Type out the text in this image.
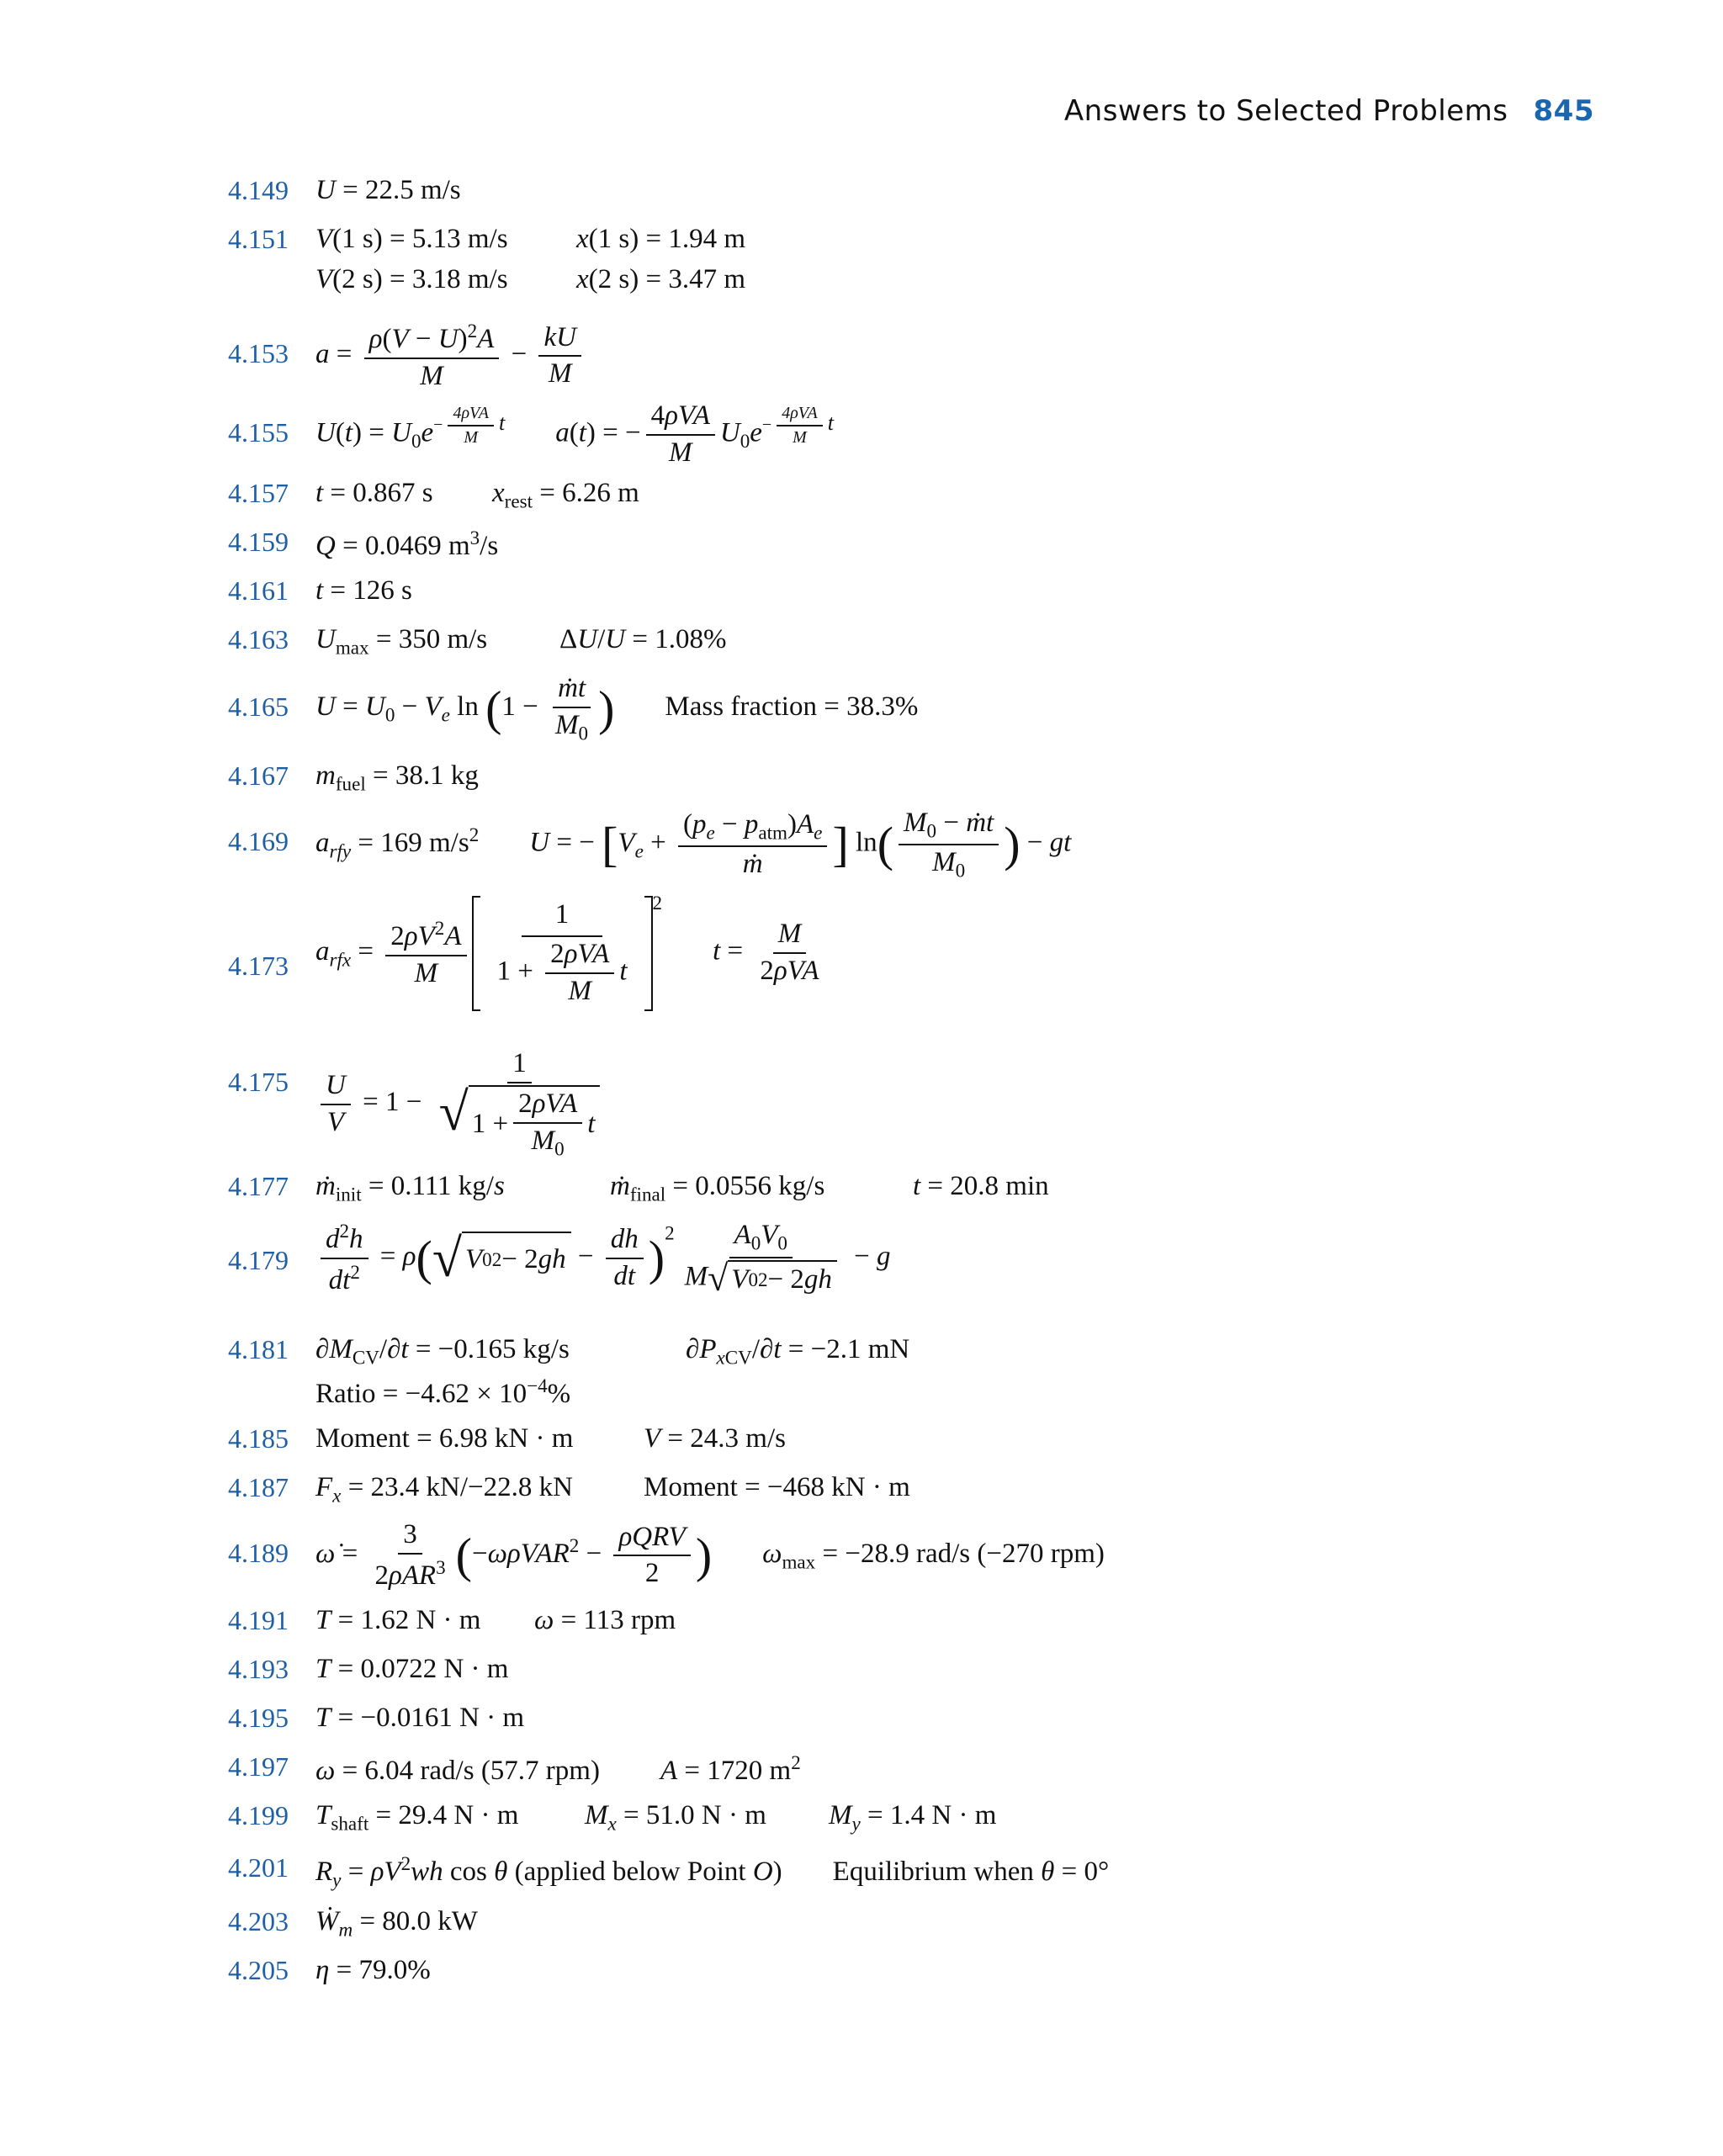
Answers to Selected Problems 845
4.149 U = 22.5 m/s
4.151 V(1 s) = 5.13 m/s x(1 s) = 1.94 m
V(2 s) = 3.18 m/s x(2 s) = 3.47 m
4.153 $a = \frac{\rho(V - U)^2A}{M} - \frac{kU}{M}$
4.155 $U(t) = U_0e^{- \frac{\text{4ρVA}}{M} t}$ a(t) = − $\frac{\text{4ρVA}}{M} U_0e^{- \frac{\text{4ρVA}}{M} t}$
4.157 t = 0.867 s $x_{rest} = 6.26$ m
4.159 Q = 0.0469 $m^3/s$
4.161 t = 126 s
4.163 $U_{max} = 350$ m/s	ΔU/U = 1.08%
4.165 $U = U_0 - V_e$ $\ln (1 - \frac{\text{ṁt}}{M_0}$ ) Mass fraction = 38.3%
4.167 $m_{fuel} = 38.1$ kg
4.169 $a_{rfy} = 169$ $m/s^2$ U = − [$V_e + \frac{(p_e - p_{atm})A_e}{\text{ṁ}}$ ] $\ln( \frac{M_0 - ṁt}{M_0}$ ) − gt
4.173 $a_{rfx} = \frac{2\rho V^2A}{M} \frac{1}{1 + \frac{\text{2ρVA}}{M} t} ^2t = \frac{M}{\text{2ρVA}}$
$4.175 \frac{U}{V} = 1 - \frac{1}{√ 1 + \frac{\text{2ρVA}}{M_0} t}$
4.177 ṁ$_{init}$ = 0.111 kg/s	ṁ$_{final}$ = 0.0556 kg/s	t = 20.8 min
$4.179 \frac{d^2h}{dt^2} = \rho$( √ V 0 2 − 2 gh − $\frac{dh}{dt} )^2 \frac{A_0V_0}{M √ V 0 2 - 2 gh} - g$
4.181 $\partial M_{CV}/\partial t = -0.165$ kg/s	$\partial P_{xCV}/\partial t = -2.1$ mN
Ratio = $-4.62 \times 10^{-4}\%$
4.185 Moment = 6.98 kN · m	V = 24.3 m/s
4.187 $F_x = 23.4$ kN/−22.8 kN	Moment = −468 kN · m
4.189 ω̇ = $\frac{3}{2\rho AR^3} (-\omega\rho VAR^2 - \frac{\text{ρQRV}}{2}$ ) $\omega_{max} = -28.9$ rad/s (−270 rpm)
4.191 T = 1.62 N · m ω = 113 rpm
4.193 T = 0.0722 N · m
4.195 T = −0.0161 N · m
4.197 ω = 6.04 rad/s (57.7 rpm) A = 1720 $m^2$
4.199 $T_{shaft} = 29.4$ N · m $M_x = 51.0$ N · m $M_y = 1.4$ N · m
4.201 $R_y = \rho V^2wh$ cos θ (applied below Point O) Equilibrium when θ = 0°
4.203 Ẇ$_m$ = 80.0 kW
4.205 η = 79.0%
